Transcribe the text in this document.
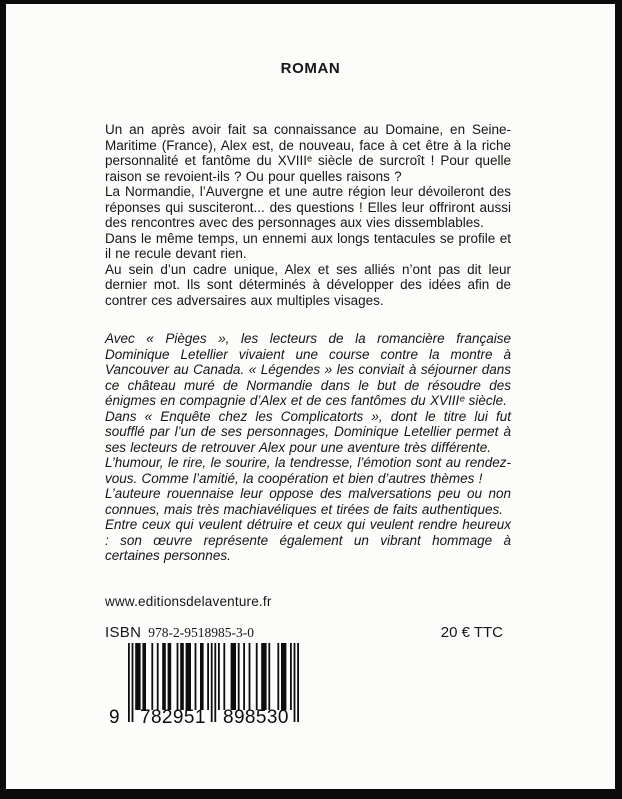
ROMAN

Un an après avoir fait sa connaissance au Domaine, en Seine-Maritime (France), Alex est, de nouveau, face à cet être à la riche personnalité et fantôme du XVIIIᵉ siècle de surcroît ! Pour quelle raison se revoient-ils ? Ou pour quelles raisons ?

La Normandie, l’Auvergne et une autre région leur dévoileront des réponses qui susciteront... des questions ! Elles leur offriront aussi des rencontres avec des personnages aux vies dissemblables.

Dans le même temps, un ennemi aux longs tentacules se profile et il ne recule devant rien.

Au sein d’un cadre unique, Alex et ses alliés n’ont pas dit leur dernier mot. Ils sont déterminés à développer des idées afin de contrer ces adversaires aux multiples visages.

Avec « Pièges », les lecteurs de la romancière française Dominique Letellier vivaient une course contre la montre à Vancouver au Canada. « Légendes » les conviait à séjourner dans ce château muré de Normandie dans le but de résoudre des énigmes en compagnie d’Alex et de ces fantômes du XVIIIᵉ siècle.

Dans « Enquête chez les Complicatorts », dont le titre lui fut soufflé par l’un de ses personnages, Dominique Letellier permet à ses lecteurs de retrouver Alex pour une aventure très différente.

L’humour, le rire, le sourire, la tendresse, l’émotion sont au rendez-vous. Comme l’amitié, la coopération et bien d’autres thèmes !

L’auteure rouennaise leur oppose des malversations peu ou non connues, mais très machiavéliques et tirées de faits authentiques.

Entre ceux qui veulent détruire et ceux qui veulent rendre heureux : son œuvre représente également un vibrant hommage à certaines personnes.

www.editionsdelaventure.fr
ISBN 978-2-9518985-3-0	20 € TTC
9 782951 898530
